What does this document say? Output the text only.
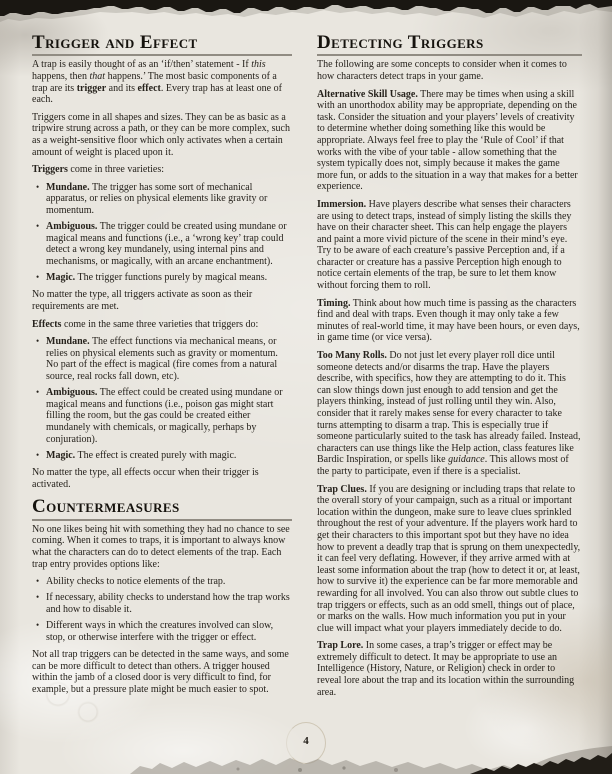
Trigger and Effect

A trap is easily thought of as an ‘if/then’ statement - If this happens, then that happens.’ The most basic components of a trap are its trigger and its effect. Every trap has at least one of each.

Triggers come in all shapes and sizes. They can be as basic as a tripwire strung across a path, or they can be more complex, such as a weight-sensitive floor which only activates when a certain amount of weight is placed upon it.

Triggers come in three varieties:

• Mundane. The trigger has some sort of mechanical apparatus, or relies on physical elements like gravity or momentum.
• Ambiguous. The trigger could be created using mundane or magical means and functions (i.e., a ‘wrong key’ trap could detect a wrong key mundanely, using internal pins and mechanisms, or magically, with an arcane enchantment).
• Magic. The trigger functions purely by magical means.

No matter the type, all triggers activate as soon as their requirements are met.

Effects come in the same three varieties that triggers do:

• Mundane. The effect functions via mechanical means, or relies on physical elements such as gravity or momentum. No part of the effect is magical (fire comes from a natural source, real rocks fall down, etc).
• Ambiguous. The effect could be created using mundane or magical means and functions (i.e., poison gas might start filling the room, but the gas could be created either mundanely with chemicals, or magically, perhaps by conjuration).
• Magic. The effect is created purely with magic.

No matter the type, all effects occur when their trigger is activated.

Countermeasures

No one likes being hit with something they had no chance to see coming. When it comes to traps, it is important to always know what the characters can do to detect elements of the trap. Each trap entry provides options like:

• Ability checks to notice elements of the trap.
• If necessary, ability checks to understand how the trap works and how to disable it.
• Different ways in which the creatures involved can slow, stop, or otherwise interfere with the trigger or effect.

Not all trap triggers can be detected in the same ways, and some can be more difficult to detect than others. A trigger housed within the jamb of a closed door is very difficult to find, for example, but a pressure plate might be much easier to spot.

Detecting Triggers

The following are some concepts to consider when it comes to how characters detect traps in your game.

Alternative Skill Usage. There may be times when using a skill with an unorthodox ability may be appropriate, depending on the task. Consider the situation and your players’ levels of creativity to determine whether doing something like this would be appropriate. Always feel free to play the ‘Rule of Cool’ if that works with the vibe of your table - allow something that the system typically does not, simply because it makes the game more fun, or adds to the situation in a way that makes for a better experience.

Immersion. Have players describe what senses their characters are using to detect traps, instead of simply listing the skills they have on their character sheet. This can help engage the players and paint a more vivid picture of the scene in their mind’s eye. Try to be aware of each creature’s passive Perception and, if a character or creature has a passive Perception high enough to notice certain elements of the trap, be sure to let them know without forcing them to roll.

Timing. Think about how much time is passing as the characters find and deal with traps. Even though it may only take a few minutes of real-world time, it may have been hours, or even days, in game time (or vice versa).

Too Many Rolls. Do not just let every player roll dice until someone detects and/or disarms the trap. Have the players describe, with specifics, how they are attempting to do it. This can slow things down just enough to add tension and get the players thinking, instead of just rolling until they win. Also, consider that it rarely makes sense for every character to take turns attempting to disarm a trap. This is especially true if someone particularly suited to the task has already failed. Instead, characters can use things like the Help action, class features like Bardic Inspiration, or spells like guidance. This allows most of the party to participate, even if there is a specialist.

Trap Clues. If you are designing or including traps that relate to the overall story of your campaign, such as a ritual or important location within the dungeon, make sure to leave clues sprinkled throughout the rest of your adventure. If the players work hard to get their characters to this important spot but they have no idea how to prevent a deadly trap that is sprung on them unexpectedly, it can feel very deflating. However, if they arrive armed with at least some information about the trap (how to detect it or, at least, how to survive it) the experience can be far more memorable and rewarding for all involved. You can also throw out subtle clues to trap triggers or effects, such as an odd smell, things out of place, or marks on the walls. How much information you put in your clue will impact what your players immediately decide to do.

Trap Lore. In some cases, a trap’s trigger or effect may be extremely difficult to detect. It may be appropriate to use an Intelligence (History, Nature, or Religion) check in order to reveal lore about the trap and its location within the surrounding area.

4
